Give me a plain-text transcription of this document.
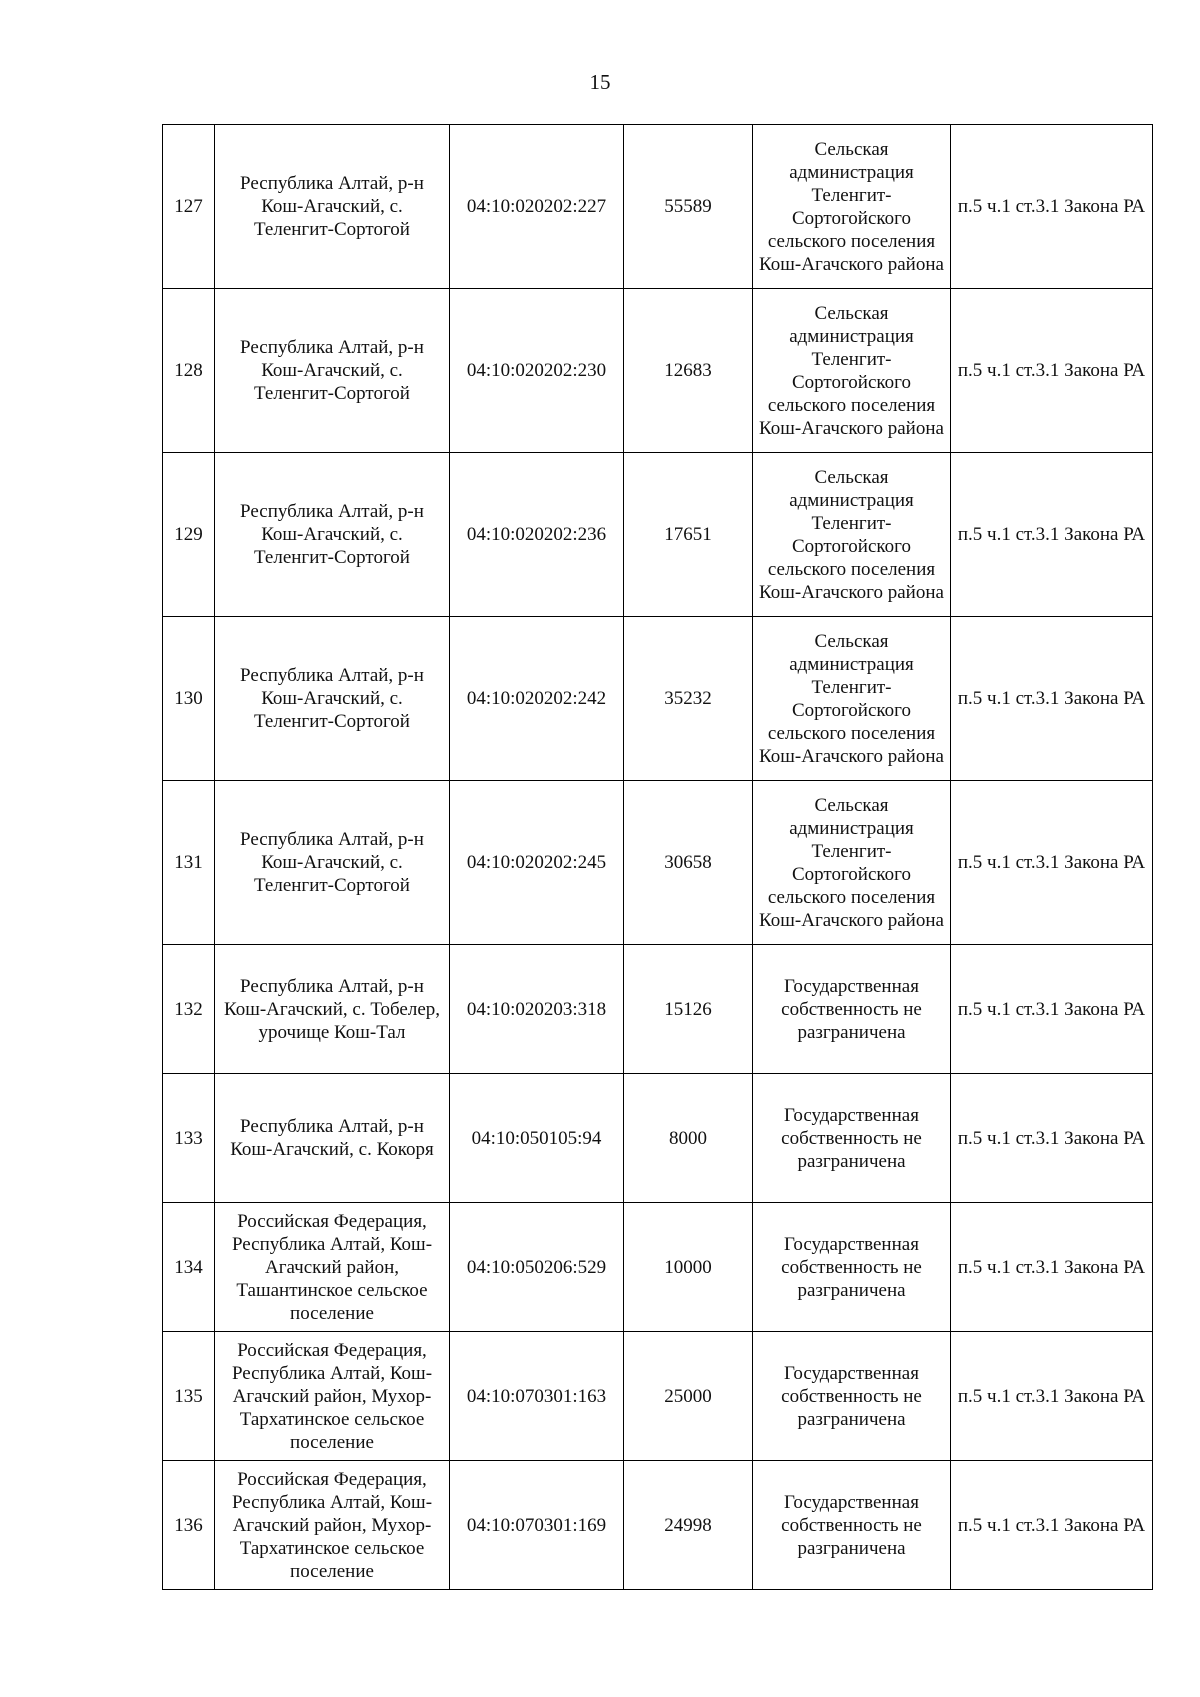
15
127	Республика Алтай, р-н Кош-Агачский, с. Теленгит-Сортогой	04:10:020202:227	55589	Сельская администрация Теленгит-Сортогойского сельского поселения Кош-Агачского района	п.5 ч.1 ст.3.1 Закона РА
128	Республика Алтай, р-н Кош-Агачский, с. Теленгит-Сортогой	04:10:020202:230	12683	Сельская администрация Теленгит-Сортогойского сельского поселения Кош-Агачского района	п.5 ч.1 ст.3.1 Закона РА
129	Республика Алтай, р-н Кош-Агачский, с. Теленгит-Сортогой	04:10:020202:236	17651	Сельская администрация Теленгит-Сортогойского сельского поселения Кош-Агачского района	п.5 ч.1 ст.3.1 Закона РА
130	Республика Алтай, р-н Кош-Агачский, с. Теленгит-Сортогой	04:10:020202:242	35232	Сельская администрация Теленгит-Сортогойского сельского поселения Кош-Агачского района	п.5 ч.1 ст.3.1 Закона РА
131	Республика Алтай, р-н Кош-Агачский, с. Теленгит-Сортогой	04:10:020202:245	30658	Сельская администрация Теленгит-Сортогойского сельского поселения Кош-Агачского района	п.5 ч.1 ст.3.1 Закона РА
132	Республика Алтай, р-н Кош-Агачский, с. Тобелер, урочище Кош-Тал	04:10:020203:318	15126	Государственная собственность не разграничена	п.5 ч.1 ст.3.1 Закона РА
133	Республика Алтай, р-н Кош-Агачский, с. Кокоря	04:10:050105:94	8000	Государственная собственность не разграничена	п.5 ч.1 ст.3.1 Закона РА
134	Российская Федерация, Республика Алтай, Кош-Агачский район, Ташантинское сельское поселение	04:10:050206:529	10000	Государственная собственность не разграничена	п.5 ч.1 ст.3.1 Закона РА
135	Российская Федерация, Республика Алтай, Кош-Агачский район, Мухор-Тархатинское сельское поселение	04:10:070301:163	25000	Государственная собственность не разграничена	п.5 ч.1 ст.3.1 Закона РА
136	Российская Федерация, Республика Алтай, Кош-Агачский район, Мухор-Тархатинское сельское поселение	04:10:070301:169	24998	Государственная собственность не разграничена	п.5 ч.1 ст.3.1 Закона РА
